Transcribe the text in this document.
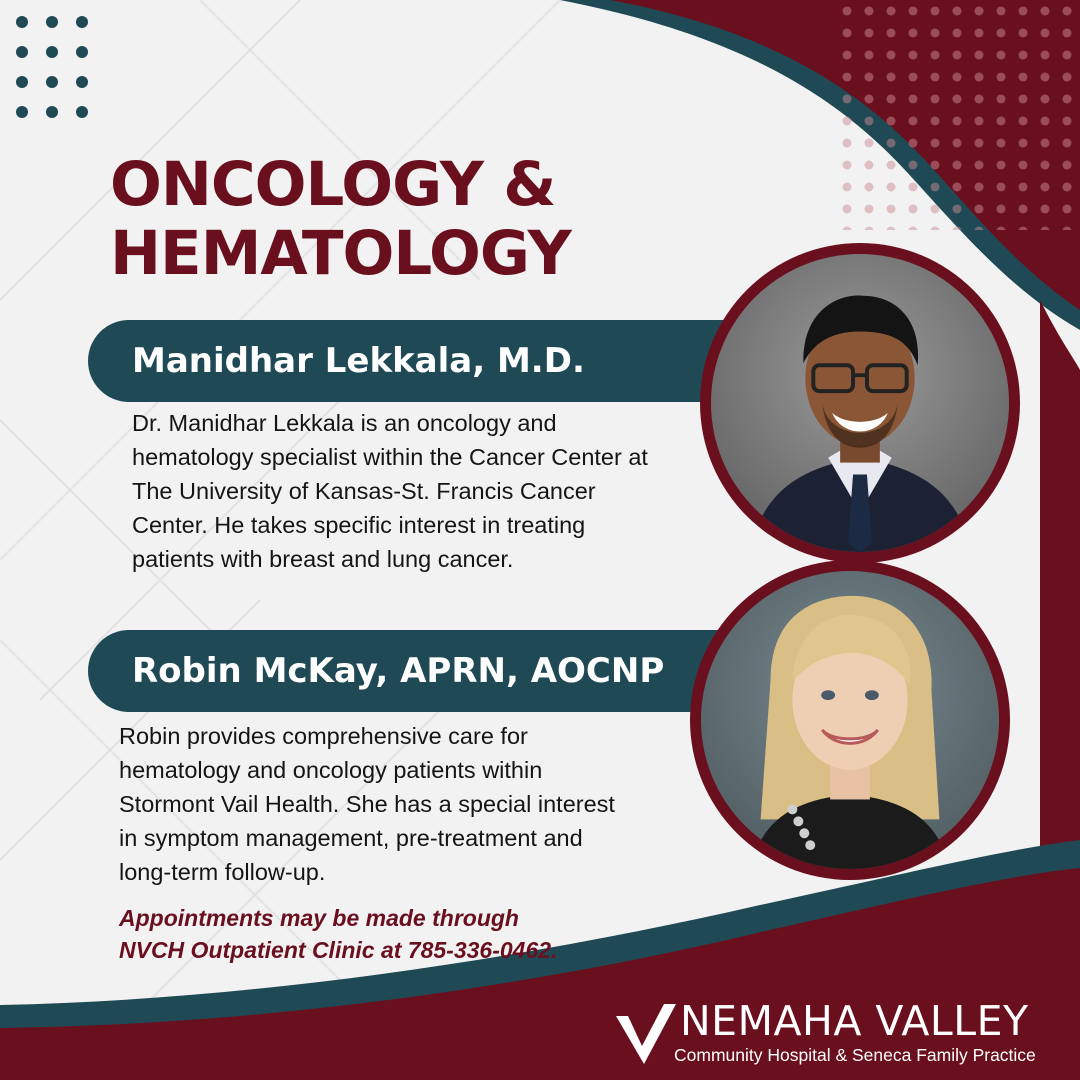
ONCOLOGY &
HEMATOLOGY
Manidhar Lekkala, M.D.

Dr. Manidhar Lekkala is an oncology and hematology specialist within the Cancer Center at The University of Kansas-St. Francis Cancer Center. He takes specific interest in treating patients with breast and lung cancer.

Robin McKay, APRN, AOCNP

Robin provides comprehensive care for hematology and oncology patients within Stormont Vail Health. She has a special interest in symptom management, pre-treatment and long-term follow-up.

Appointments may be made through
NVCH Outpatient Clinic at 785-336-0462.

NEMAHA VALLEY
Community Hospital & Seneca Family Practice
